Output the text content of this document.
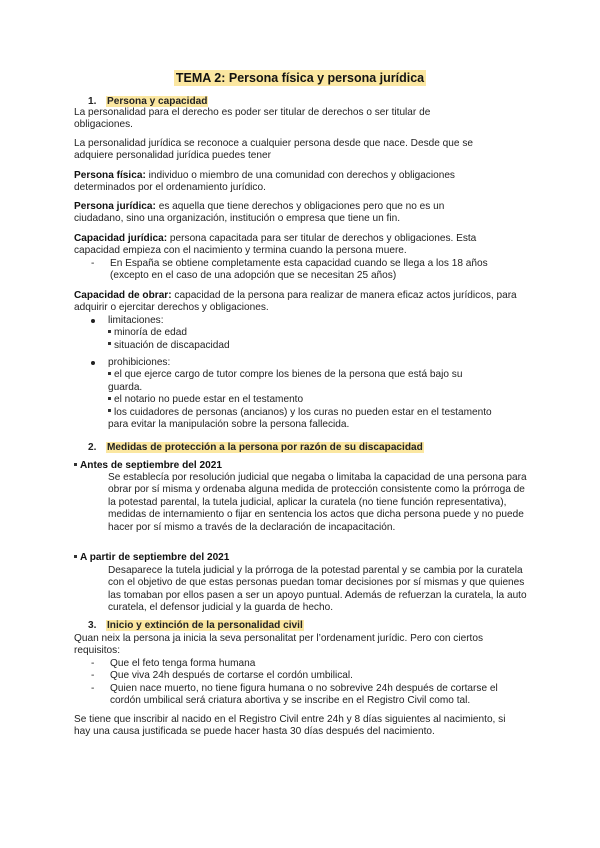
TEMA 2: Persona física y persona jurídica
1. Persona y capacidad

La personalidad para el derecho es poder ser titular de derechos o ser titular de obligaciones.

La personalidad jurídica se reconoce a cualquier persona desde que nace. Desde que se adquiere personalidad jurídica puedes tener

Persona física: individuo o miembro de una comunidad con derechos y obligaciones determinados por el ordenamiento jurídico.

Persona jurídica: es aquella que tiene derechos y obligaciones pero que no es un ciudadano, sino una organización, institución o empresa que tiene un fin.

Capacidad jurídica: persona capacitada para ser titular de derechos y obligaciones. Esta capacidad empieza con el nacimiento y termina cuando la persona muere.

- En España se obtiene completamente esta capacidad cuando se llega a los 18 años (excepto en el caso de una adopción que se necesitan 25 años)

Capacidad de obrar: capacidad de la persona para realizar de manera eficaz actos jurídicos, para adquirir o ejercitar derechos y obligaciones.

limitaciones:
minoría de edad
situación de discapacidad
prohibiciones:
el que ejerce cargo de tutor compre los bienes de la persona que está bajo su guarda.
el notario no puede estar en el testamento
los cuidadores de personas (ancianos) y los curas no pueden estar en el testamento para evitar la manipulación sobre la persona fallecida.
2. Medidas de protección a la persona por razón de su discapacidad
Antes de septiembre del 2021

Se establecía por resolución judicial que negaba o limitaba la capacidad de una persona para obrar por sí misma y ordenaba alguna medida de protección consistente como la prórroga de la potestad parental, la tutela judicial, aplicar la curatela (no tiene función representativa), medidas de internamiento o fijar en sentencia los actos que dicha persona puede y no puede hacer por sí mismo a través de la declaración de incapacitación.

A partir de septiembre del 2021

Desaparece la tutela judicial y la prórroga de la potestad parental y se cambia por la curatela con el objetivo de que estas personas puedan tomar decisiones por sí mismas y que quienes las tomaban por ellos pasen a ser un apoyo puntual. Además de refuerzan la curatela, la auto curatela, el defensor judicial y la guarda de hecho.

3. Inicio y extinción de la personalidad civil

Quan neix la persona ja inicia la seva personalitat per l’ordenament jurídic. Pero con ciertos requisitos:

- Que el feto tenga forma humana
- Que viva 24h después de cortarse el cordón umbilical.
- Quien nace muerto, no tiene figura humana o no sobrevive 24h después de cortarse el cordón umbilical será criatura abortiva y se inscribe en el Registro Civil como tal.

Se tiene que inscribir al nacido en el Registro Civil entre 24h y 8 días siguientes al nacimiento, si hay una causa justificada se puede hacer hasta 30 días después del nacimiento.
